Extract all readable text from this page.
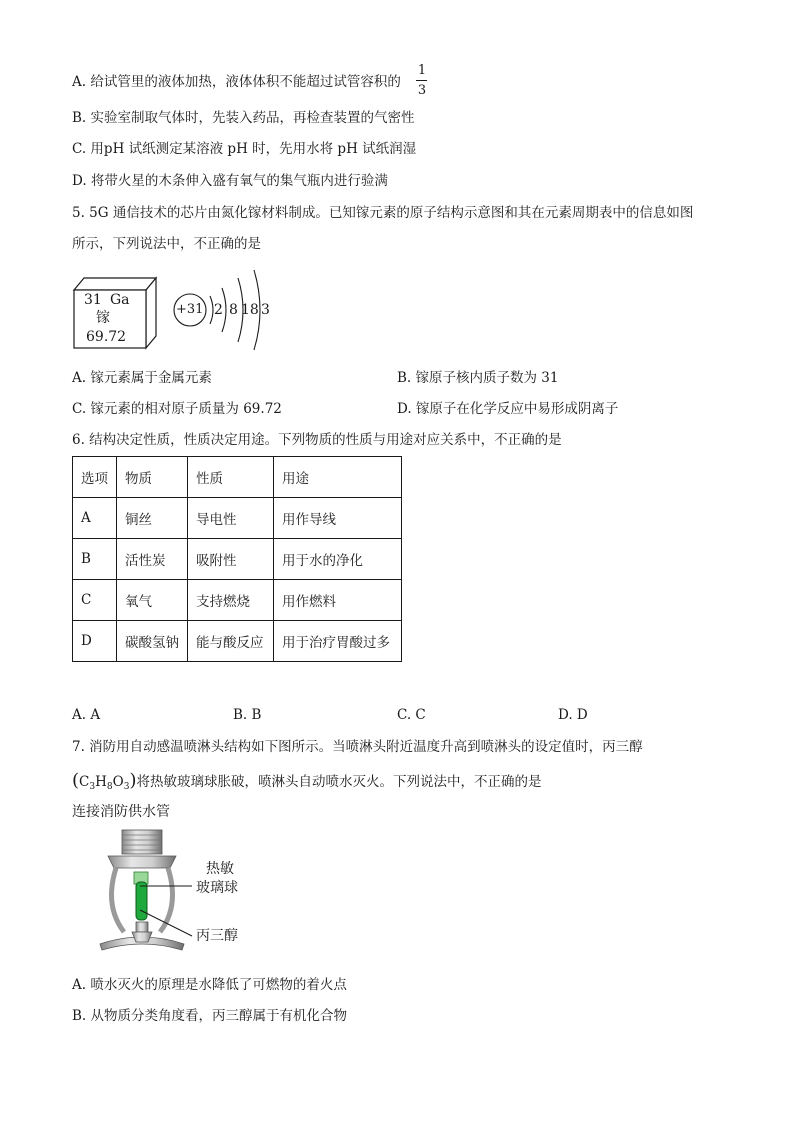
A. 给试管里的液体加热，液体体积不能超过试管容积的
1
3
B. 实验室制取气体时，先装入药品，再检查装置的气密性
C. 用pH 试纸测定某溶液 pH 时，先用水将 pH 试纸润湿
D. 将带火星的木条伸入盛有氧气的集气瓶内进行验满
5. 5G 通信技术的芯片由氮化镓材料制成。已知镓元素的原子结构示意图和其在元素周期表中的信息如图
所示，下列说法中，不正确的是
31 Ga
镓
69.72
+31 2 8 18 3
A. 镓元素属于金属元素	B. 镓原子核内质子数为 31
C. 镓元素的相对原子质量为 69.72	D. 镓原子在化学反应中易形成阴离子
6. 结构决定性质，性质决定用途。下列物质的性质与用途对应关系中，不正确的是
选项	物质	性质	用途
A	铜丝	导电性	用作导线
B	活性炭	吸附性	用于水的净化
C	氧气	支持燃烧	用作燃料
D	碳酸氢钠	能与酸反应	用于治疗胃酸过多
A. A	B. B	C. C	D. D
7. 消防用自动感温喷淋头结构如下图所示。当喷淋头附近温度升高到喷淋头的设定值时，丙三醇
$(C_3H_8O_3)$将热敏玻璃球胀破，喷淋头自动喷水灭火。下列说法中，不正确的是
连接消防供水管
热敏
玻璃球
丙三醇
A. 喷水灭火的原理是水降低了可燃物的着火点
B. 从物质分类角度看，丙三醇属于有机化合物
